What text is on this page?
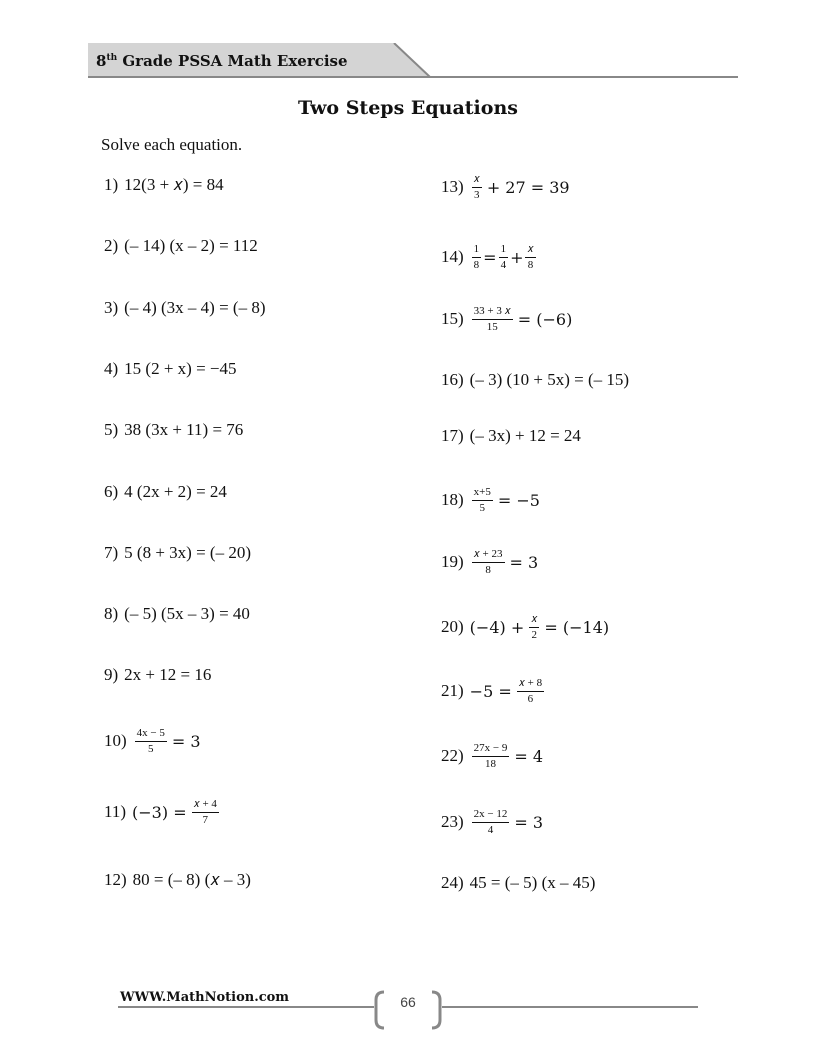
8th Grade PSSA Math Exercise
Two Steps Equations
Solve each equation.
1) 12(3 + 𝑥) = 84
2) (– 14) (x – 2) = 112
3) (– 4) (3x – 4) = (– 8)
4) 15 (2 + x) = −45
5) 38 (3x + 11) = 76
6) 4 (2x + 2) = 24
7) 5 (8 + 3x) = (– 20)
8) (– 5) (5x – 3) = 40
9) 2x + 12 = 16
$10) \frac{4x - 5}{5} = 3$
11) $(-3) = \frac{\text{𝑥 + 4}}{7}$
12) 80 = (– 8) (𝑥 – 3)
$13) \frac{\text{𝑥}}{3} + 27 = 39$
$14) \frac{1}{8} = \frac{1}{4} + \frac{\text{𝑥}}{8}$
$15) \frac{\text{33 + 3 𝑥}}{15} = (-6)$
16) (– 3) (10 + 5x) = (– 15)
17) (– 3x) + 12 = 24
$18) \frac{x+5}{5} = -5$
$19) \frac{\text{𝑥 + 23}}{8} = 3$
20) $(-4) + \frac{\text{𝑥}}{2} = (-14)$
$21) -5 = \frac{\text{𝑥 + 8}}{6}$
$22) \frac{27x - 9}{18} = 4$
$23) \frac{2x - 12}{4} = 3$
24) 45 = (– 5) (x – 45)
WWW.MathNotion.com	66
